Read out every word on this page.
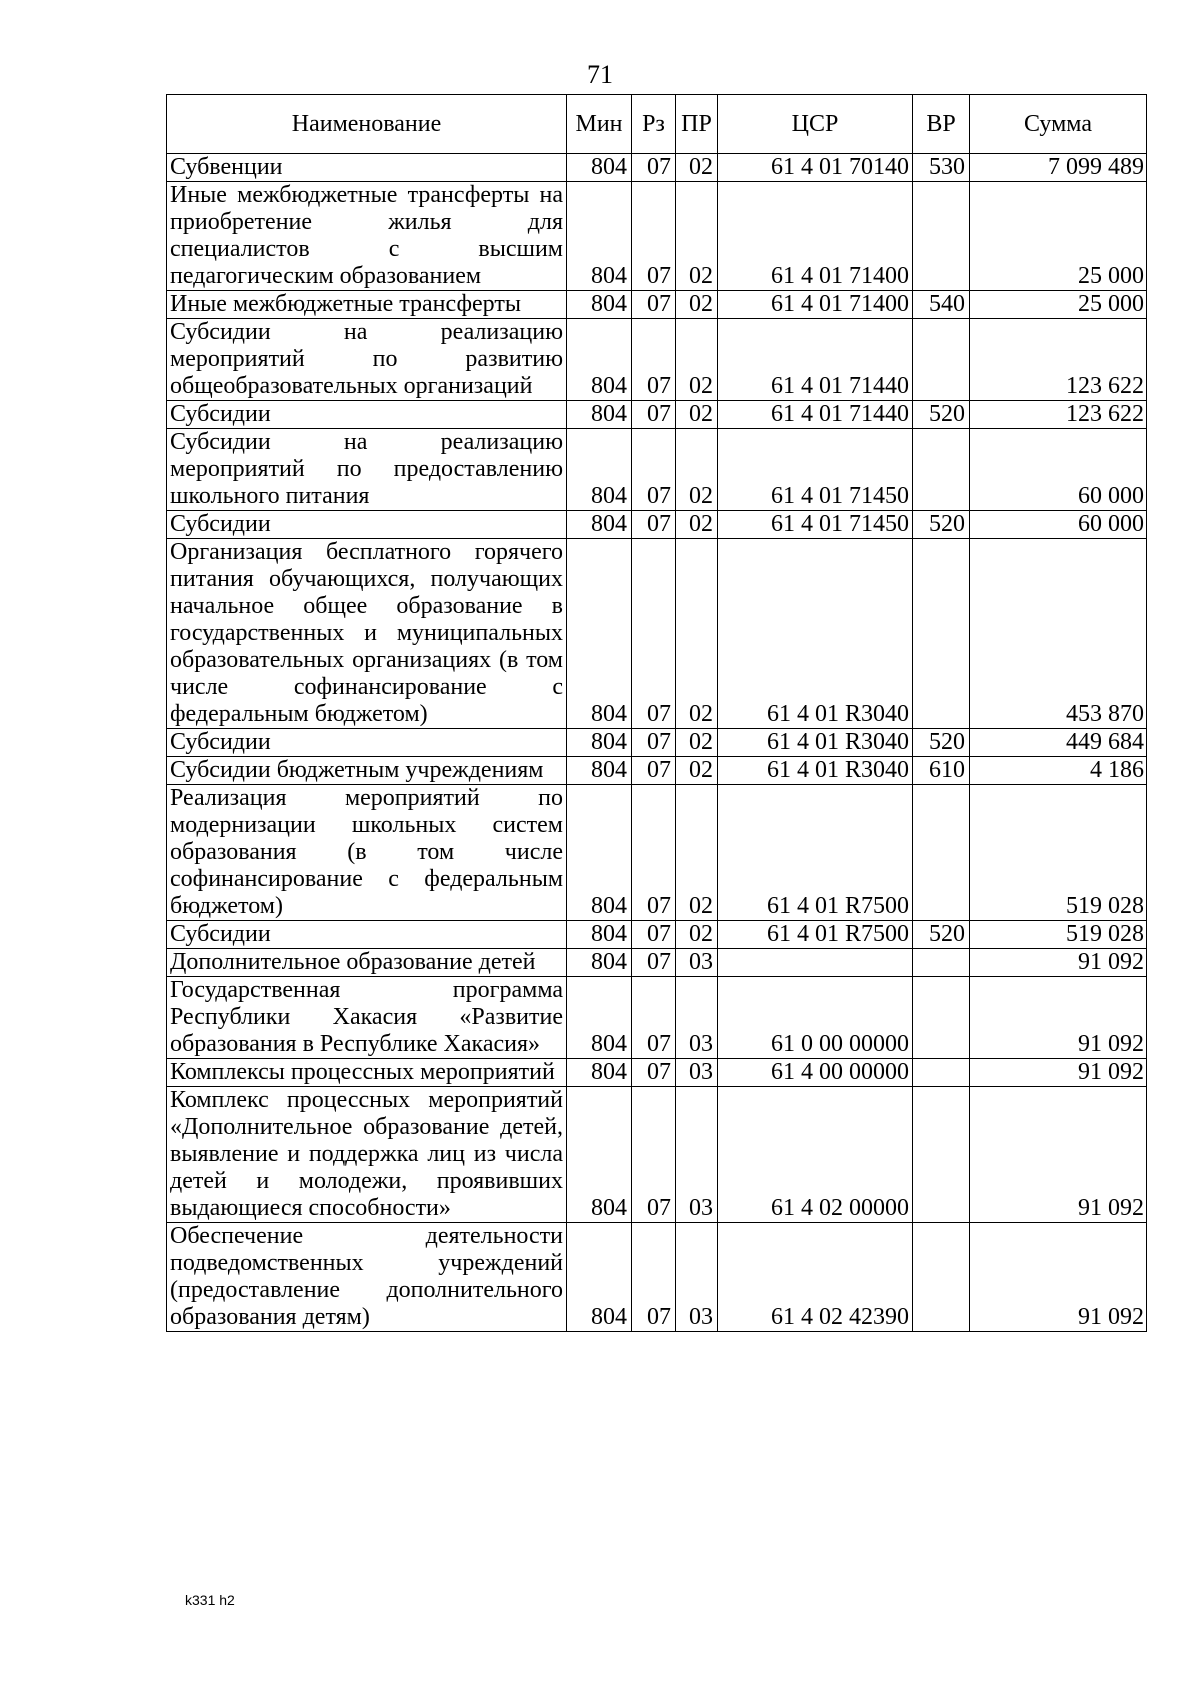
71
Наименование	Мин	Рз	ПР	ЦСР	ВР	Сумма
Субвенции	804	07	02	61 4 01 70140	530	7 099 489
Иные межбюджетные трансферты на приобретение жилья для специалистов с высшим педагогическим образованием	804	07	02	61 4 01 71400		25 000
Иные межбюджетные трансферты	804	07	02	61 4 01 71400	540	25 000
Субсидии на реализацию мероприятий по развитию общеобразовательных организаций	804	07	02	61 4 01 71440		123 622
Субсидии	804	07	02	61 4 01 71440	520	123 622
Субсидии на реализацию мероприятий по предоставлению школьного питания	804	07	02	61 4 01 71450		60 000
Субсидии	804	07	02	61 4 01 71450	520	60 000
Организация бесплатного горячего питания обучающихся, получающих начальное общее образование в государственных и муниципальных образовательных организациях (в том числе софинансирование с федеральным бюджетом)	804	07	02	61 4 01 R3040		453 870
Субсидии	804	07	02	61 4 01 R3040	520	449 684
Субсидии бюджетным учреждениям	804	07	02	61 4 01 R3040	610	4 186
Реализация мероприятий по модернизации школьных систем образования (в том числе софинансирование с федеральным бюджетом)	804	07	02	61 4 01 R7500		519 028
Субсидии	804	07	02	61 4 01 R7500	520	519 028
Дополнительное образование детей	804	07	03			91 092
Государственная программа Республики Хакасия «Развитие образования в Республике Хакасия»	804	07	03	61 0 00 00000		91 092
Комплексы процессных мероприятий	804	07	03	61 4 00 00000		91 092
Комплекс процессных мероприятий «Дополнительное образование детей, выявление и поддержка лиц из числа детей и молодежи, проявивших выдающиеся способности»	804	07	03	61 4 02 00000		91 092
Обеспечение деятельности подведомственных учреждений (предоставление дополнительного образования детям)	804	07	03	61 4 02 42390		91 092
k331 h2
